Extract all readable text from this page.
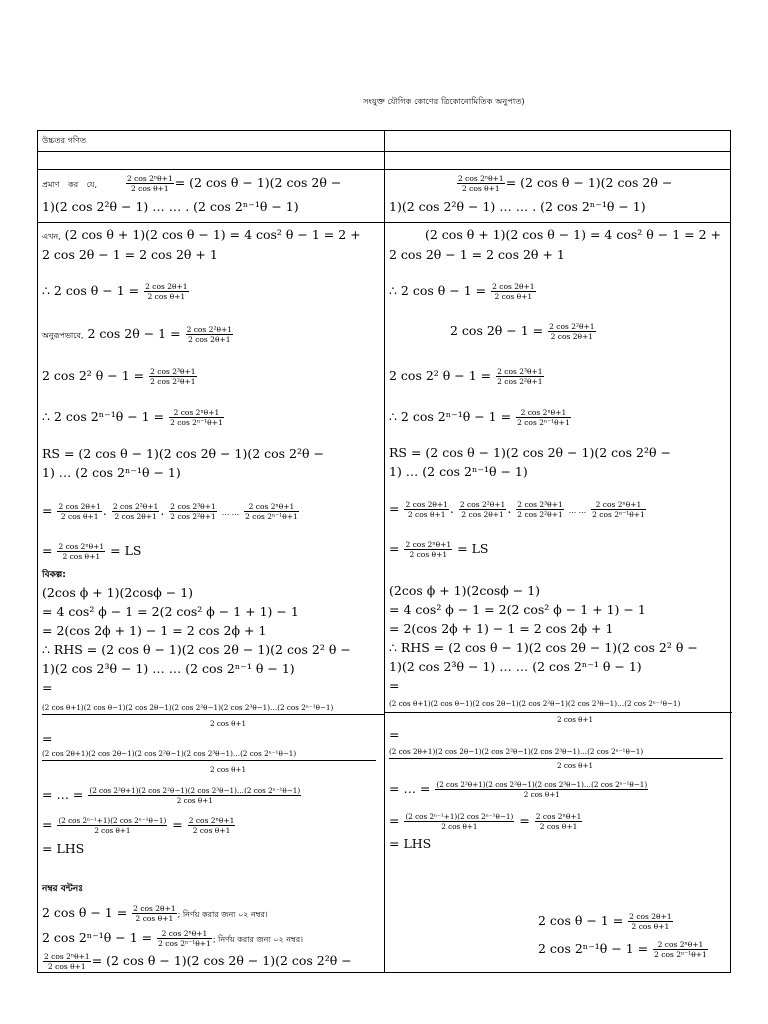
সংযুক্ত যৌগিক কোণের ত্রিকোনোমিতিক অনুপাত)
উচ্চতর গণিত
প্রমাণ কর যে,	$\frac{\text{2 cos 2ⁿθ+1}}{\text{2 cos θ+1}} = (2$ cos θ − 1)(2 cos 2θ −
1)(2 cos 2²θ − 1) … … . (2 cos 2ⁿ⁻¹θ − 1)
$\frac{\text{2 cos 2ⁿθ+1}}{\text{2 cos θ+1}} = (2$ cos θ − 1)(2 cos 2θ −
1)(2 cos 2²θ − 1) … … . (2 cos 2ⁿ⁻¹θ − 1)
এখন, (2 cos θ + 1)(2 cos θ − 1) = 4 cos² θ − 1 = 2 +
2 cos 2θ − 1 = 2 cos 2θ + 1
∴ 2 $\cos \theta - 1 = \frac{2 \cos 2\theta+1}{\text{2 cos θ+1}}$
অনুরূপভাবে, 2 $\cos 2\theta - 1 = \frac{\text{2 cos 2²θ+1}}{2 \cos 2\theta+1}$
2 cos 2² $\theta - 1 = \frac{\text{2 cos 2³θ+1}}{\text{2 cos 2²θ+1}}$
∴ 2 $\cos 2^{n-1}\theta - 1 = \frac{\text{2 cos 2ⁿθ+1}}{\text{2 cos 2ⁿ⁻¹θ+1}}$
RS = (2 cos θ − 1)(2 cos 2θ − 1)(2 cos 2²θ −
1) … (2 cos 2ⁿ⁻¹θ − 1)
= $\frac{2 \cos 2\theta+1}{\text{2 cos θ+1}}$ . $\frac{\text{2 cos 2²θ+1}}{2 \cos 2\theta+1}$ . $\frac{\text{2 cos 2³θ+1}}{\text{2 cos 2²θ+1}}$ … … $\frac{\text{2 cos 2ⁿθ+1}}{\text{2 cos 2ⁿ⁻¹θ+1}}$
= $\frac{\text{2 cos 2ⁿθ+1}}{\text{2 cos θ+1}}$ = LS
বিকল্প:
(2cos ϕ + 1)(2cosϕ − 1)
= 4 cos² ϕ − 1 = 2(2 cos² ϕ − 1 + 1) − 1
= 2(cos 2ϕ + 1) − 1 = 2 cos 2ϕ + 1
∴ RHS = (2 cos θ − 1)(2 cos 2θ − 1)(2 cos 2² θ −
1)(2 cos 2³θ − 1) … … (2 cos 2ⁿ⁻¹ θ − 1)
=
(2 cos θ+1)(2 cos θ−1)(2 cos 2θ−1)(2 cos 2²θ−1)(2 cos 2³θ−1)…(2 cos 2ⁿ⁻¹θ−1)
2 cos θ+1
=
(2 cos 2θ+1)(2 cos 2θ−1)(2 cos 2²θ−1)(2 cos 2³θ−1)…(2 cos 2ⁿ⁻¹θ−1)
2 cos θ+1
= … = $\frac{\text{(2 cos 2²θ+1)(2 cos 2²θ−1)(2 cos 2³θ−1)…(2 cos 2ⁿ⁻¹θ−1)}}{\text{2 cos θ+1}}$
= $\frac{\text{(2 cos 2ⁿ⁻¹+1)(2 cos 2ⁿ⁻¹θ−1)}}{\text{2 cos θ+1}} = \frac{\text{2 cos 2ⁿθ+1}}{\text{2 cos θ+1}}$
= LHS
নম্বর বন্টনঃ
2 $\cos \theta - 1 = \frac{2 \cos 2\theta+1}{\text{2 cos θ+1}}$ ; নির্ণয় করার জন্য ০২ নম্বর।
2 $\cos 2^{n-1}\theta - 1 = \frac{\text{2 cos 2ⁿθ+1}}{\text{2 cos 2ⁿ⁻¹θ+1}}$ ; নির্ণয় করার জন্য ০২ নম্বর।
$\frac{\text{2 cos 2ⁿθ+1}}{\text{2 cos θ+1}} = (2$ cos θ − 1)(2 cos 2θ − 1)(2 cos 2²θ −
(2 cos θ + 1)(2 cos θ − 1) = 4 cos² θ − 1 = 2 +
2 cos 2θ − 1 = 2 cos 2θ + 1
∴ 2 $\cos \theta - 1 = \frac{2 \cos 2\theta+1}{\text{2 cos θ+1}}$
2 $\cos 2\theta - 1 = \frac{\text{2 cos 2²θ+1}}{2 \cos 2\theta+1}$
2 cos 2² $\theta - 1 = \frac{\text{2 cos 2³θ+1}}{\text{2 cos 2²θ+1}}$
∴ 2 $\cos 2^{n-1}\theta - 1 = \frac{\text{2 cos 2ⁿθ+1}}{\text{2 cos 2ⁿ⁻¹θ+1}}$
RS = (2 cos θ − 1)(2 cos 2θ − 1)(2 cos 2²θ −
1) … (2 cos 2ⁿ⁻¹θ − 1)
= $\frac{2 \cos 2\theta+1}{\text{2 cos θ+1}}$ . $\frac{\text{2 cos 2²θ+1}}{2 \cos 2\theta+1}$ . $\frac{\text{2 cos 2³θ+1}}{\text{2 cos 2²θ+1}}$ … … $\frac{\text{2 cos 2ⁿθ+1}}{\text{2 cos 2ⁿ⁻¹θ+1}}$
= $\frac{\text{2 cos 2ⁿθ+1}}{\text{2 cos θ+1}}$ = LS
(2cos ϕ + 1)(2cosϕ − 1)
= 4 cos² ϕ − 1 = 2(2 cos² ϕ − 1 + 1) − 1
= 2(cos 2ϕ + 1) − 1 = 2 cos 2ϕ + 1
∴ RHS = (2 cos θ − 1)(2 cos 2θ − 1)(2 cos 2² θ −
1)(2 cos 2³θ − 1) … … (2 cos 2ⁿ⁻¹ θ − 1)
=
(2 cos θ+1)(2 cos θ−1)(2 cos 2θ−1)(2 cos 2²θ−1)(2 cos 2³θ−1)…(2 cos 2ⁿ⁻¹θ−1)
2 cos θ+1
=
(2 cos 2θ+1)(2 cos 2θ−1)(2 cos 2²θ−1)(2 cos 2³θ−1)…(2 cos 2ⁿ⁻¹θ−1)
2 cos θ+1
= … = $\frac{\text{(2 cos 2²θ+1)(2 cos 2²θ−1)(2 cos 2³θ−1)…(2 cos 2ⁿ⁻¹θ−1)}}{\text{2 cos θ+1}}$
= $\frac{\text{(2 cos 2ⁿ⁻¹+1)(2 cos 2ⁿ⁻¹θ−1)}}{\text{2 cos θ+1}} = \frac{\text{2 cos 2ⁿθ+1}}{\text{2 cos θ+1}}$
= LHS
2 $\cos \theta - 1 = \frac{2 \cos 2\theta+1}{\text{2 cos θ+1}}$
2 $\cos 2^{n-1}\theta - 1 = \frac{\text{2 cos 2ⁿθ+1}}{\text{2 cos 2ⁿ⁻¹θ+1}}$
